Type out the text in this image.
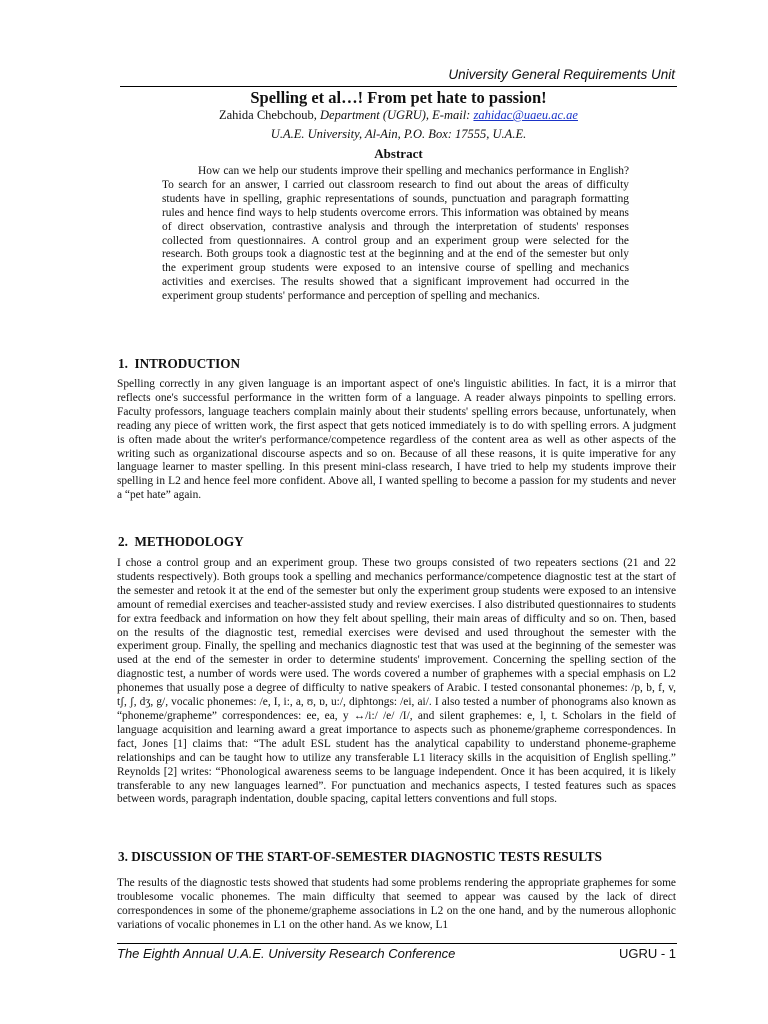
University General Requirements Unit
Spelling et al…! From pet hate to passion!
Zahida Chebchoub, Department (UGRU), E-mail: zahidac@uaeu.ac.ae
U.A.E. University, Al-Ain, P.O. Box: 17555, U.A.E.
Abstract

How can we help our students improve their spelling and mechanics performance in English? To search for an answer, I carried out classroom research to find out about the areas of difficulty students have in spelling, graphic representations of sounds, punctuation and paragraph formatting rules and hence find ways to help students overcome errors. This information was obtained by means of direct observation, contrastive analysis and through the interpretation of students' responses collected from questionnaires. A control group and an experiment group were selected for the research. Both groups took a diagnostic test at the beginning and at the end of the semester but only the experiment group students were exposed to an intensive course of spelling and mechanics activities and exercises. The results showed that a significant improvement had occurred in the experiment group students' performance and perception of spelling and mechanics.

1. INTRODUCTION

Spelling correctly in any given language is an important aspect of one's linguistic abilities. In fact, it is a mirror that reflects one's successful performance in the written form of a language. A reader always pinpoints to spelling errors. Faculty professors, language teachers complain mainly about their students' spelling errors because, unfortunately, when reading any piece of written work, the first aspect that gets noticed immediately is to do with spelling errors. A judgment is often made about the writer's performance/competence regardless of the content area as well as other aspects of the writing such as organizational discourse aspects and so on. Because of all these reasons, it is quite imperative for any language learner to master spelling. In this present mini-class research, I have tried to help my students improve their spelling in L2 and hence feel more confident. Above all, I wanted spelling to become a passion for my students and never a “pet hate” again.

2. METHODOLOGY

I chose a control group and an experiment group. These two groups consisted of two repeaters sections (21 and 22 students respectively). Both groups took a spelling and mechanics performance/competence diagnostic test at the start of the semester and retook it at the end of the semester but only the experiment group students were exposed to an intensive amount of remedial exercises and teacher-assisted study and review exercises. I also distributed questionnaires to students for extra feedback and information on how they felt about spelling, their main areas of difficulty and so on. Then, based on the results of the diagnostic test, remedial exercises were devised and used throughout the semester with the experiment group. Finally, the spelling and mechanics diagnostic test that was used at the beginning of the semester was used at the end of the semester in order to determine students' improvement. Concerning the spelling section of the diagnostic test, a number of words were used. The words covered a number of graphemes with a special emphasis on L2 phonemes that usually pose a degree of difficulty to native speakers of Arabic. I tested consonantal phonemes: /p, b, f, v, tʃ, ʃ, dʒ, g/, vocalic phonemes: /e, I, i:, a, ʊ, ɒ, u:/, diphtongs: /ei, ai/. I also tested a number of phonograms also known as “phoneme/grapheme” correspondences: ee, ea, y ↔/i:/ /e/ /I/, and silent graphemes: e, l, t. Scholars in the field of language acquisition and learning award a great importance to aspects such as phoneme/grapheme correspondences. In fact, Jones [1] claims that: “The adult ESL student has the analytical capability to understand phoneme-grapheme relationships and can be taught how to utilize any transferable L1 literacy skills in the acquisition of English spelling.” Reynolds [2] writes: “Phonological awareness seems to be language independent. Once it has been acquired, it is likely transferable to any new languages learned”. For punctuation and mechanics aspects, I tested features such as spaces between words, paragraph indentation, double spacing, capital letters conventions and full stops.

3. DISCUSSION OF THE START-OF-SEMESTER DIAGNOSTIC TESTS RESULTS

The results of the diagnostic tests showed that students had some problems rendering the appropriate graphemes for some troublesome vocalic phonemes. The main difficulty that seemed to appear was caused by the lack of direct correspondences in some of the phoneme/grapheme associations in L2 on the one hand, and by the numerous allophonic variations of vocalic phonemes in L1 on the other hand. As we know, L1

The Eighth Annual U.A.E. University Research Conference	UGRU - 1
